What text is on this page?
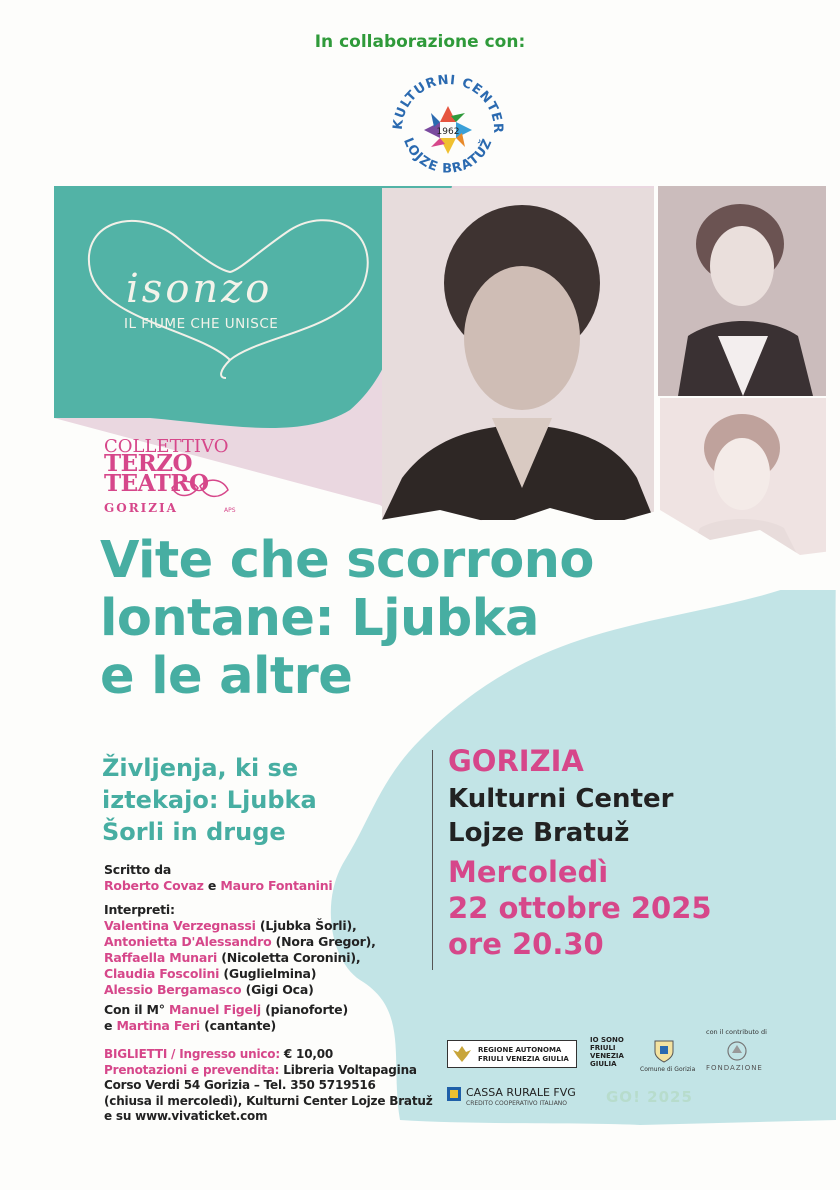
In collaborazione con:
KULTURNI CENTER
1962
LOJZE BRATUŽ
isonzo
IL FIUME CHE UNISCE
COLLETTIVO
TERZO
TEATRO
GORIZIA	APS
Vite che scorrono
lontane: Ljubka
e le altre
Življenja, ki se
iztekajo: Ljubka
Šorli in druge
GORIZIA
Kulturni Center
Lojze Bratuž
Mercoledì
22 ottobre 2025
ore 20.30
Scritto da
Roberto Covaz e Mauro Fontanini
Interpreti:
Valentina Verzegnassi (Ljubka Šorli),
Antonietta D'Alessandro (Nora Gregor),
Raffaella Munari (Nicoletta Coronini),
Claudia Foscolini (Guglielmina)
Alessio Bergamasco (Gigi Oca)
Con il M° Manuel Figelj (pianoforte)
e Martina Feri (cantante)
BIGLIETTI / Ingresso unico: € 10,00
Prenotazioni e prevendita: Libreria Voltapagina
Corso Verdi 54 Gorizia – Tel. 350 5719516
(chiusa il mercoledì), Kulturni Center Lojze Bratuž
e su www.vivaticket.com
REGIONE AUTONOMA
FRIULI VENEZIA GIULIA
IO SONO
FRIULI
VENEZIA
GIULIA
Comune di Gorizia
con il contributo di
FONDAZIONE
CASSA RURALE FVG
CREDITO COOPERATIVO ITALIANO	GO! 2025
